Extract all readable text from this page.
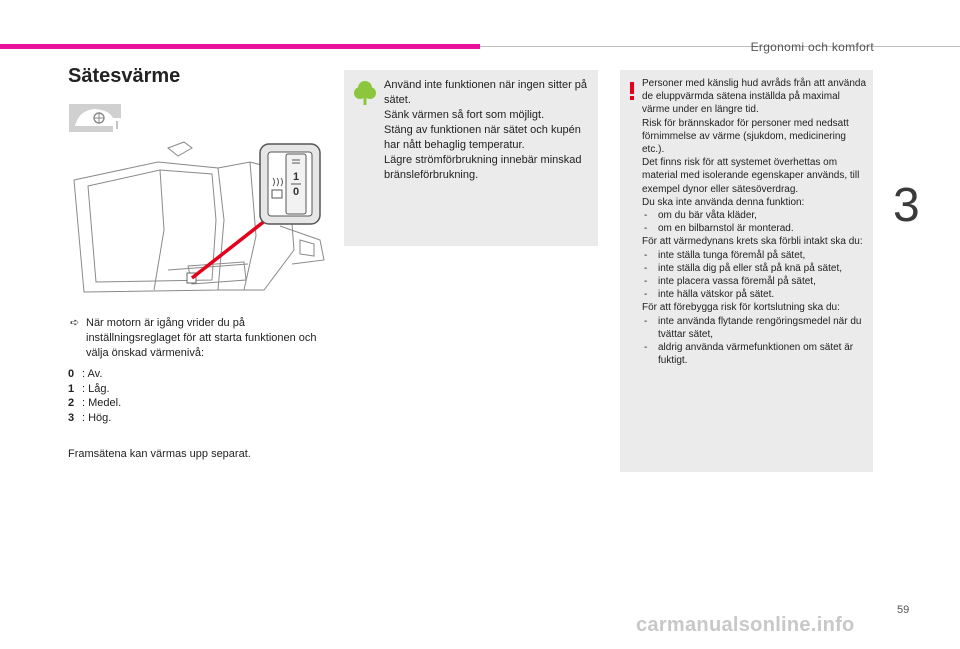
Ergonomi och komfort
3
Sätesvärme
1
0
➪ När motorn är igång vrider du på inställningsreglaget för att starta funktionen och välja önskad värmenivå:
0 : Av.
1 : Låg.
2 : Medel.
3 : Hög.
Framsätena kan värmas upp separat.

Använd inte funktionen när ingen sitter på sätet.

Sänk värmen så fort som möjligt.

Stäng av funktionen när sätet och kupén har nått behaglig temperatur.

Lägre strömförbrukning innebär minskad bränsleförbrukning.

Personer med känslig hud avråds från att använda de eluppvärmda sätena inställda på maximal värme under en längre tid.

Risk för brännskador för personer med nedsatt förnimmelse av värme (sjukdom, medicinering etc.).

Det finns risk för att systemet överhettas om material med isolerande egenskaper används, till exempel dynor eller sätesöverdrag.

Du ska inte använda denna funktion:

- om du bär våta kläder,
- om en bilbarnstol är monterad.

För att värmedynans krets ska förbli intakt ska du:

- inte ställa tunga föremål på sätet,
- inte ställa dig på eller stå på knä på sätet,
- inte placera vassa föremål på sätet,
- inte hälla vätskor på sätet.

För att förebygga risk för kortslutning ska du:

- inte använda flytande rengöringsmedel när du tvättar sätet,
- aldrig använda värmefunktionen om sätet är fuktigt.
59
carmanualsonline.info
